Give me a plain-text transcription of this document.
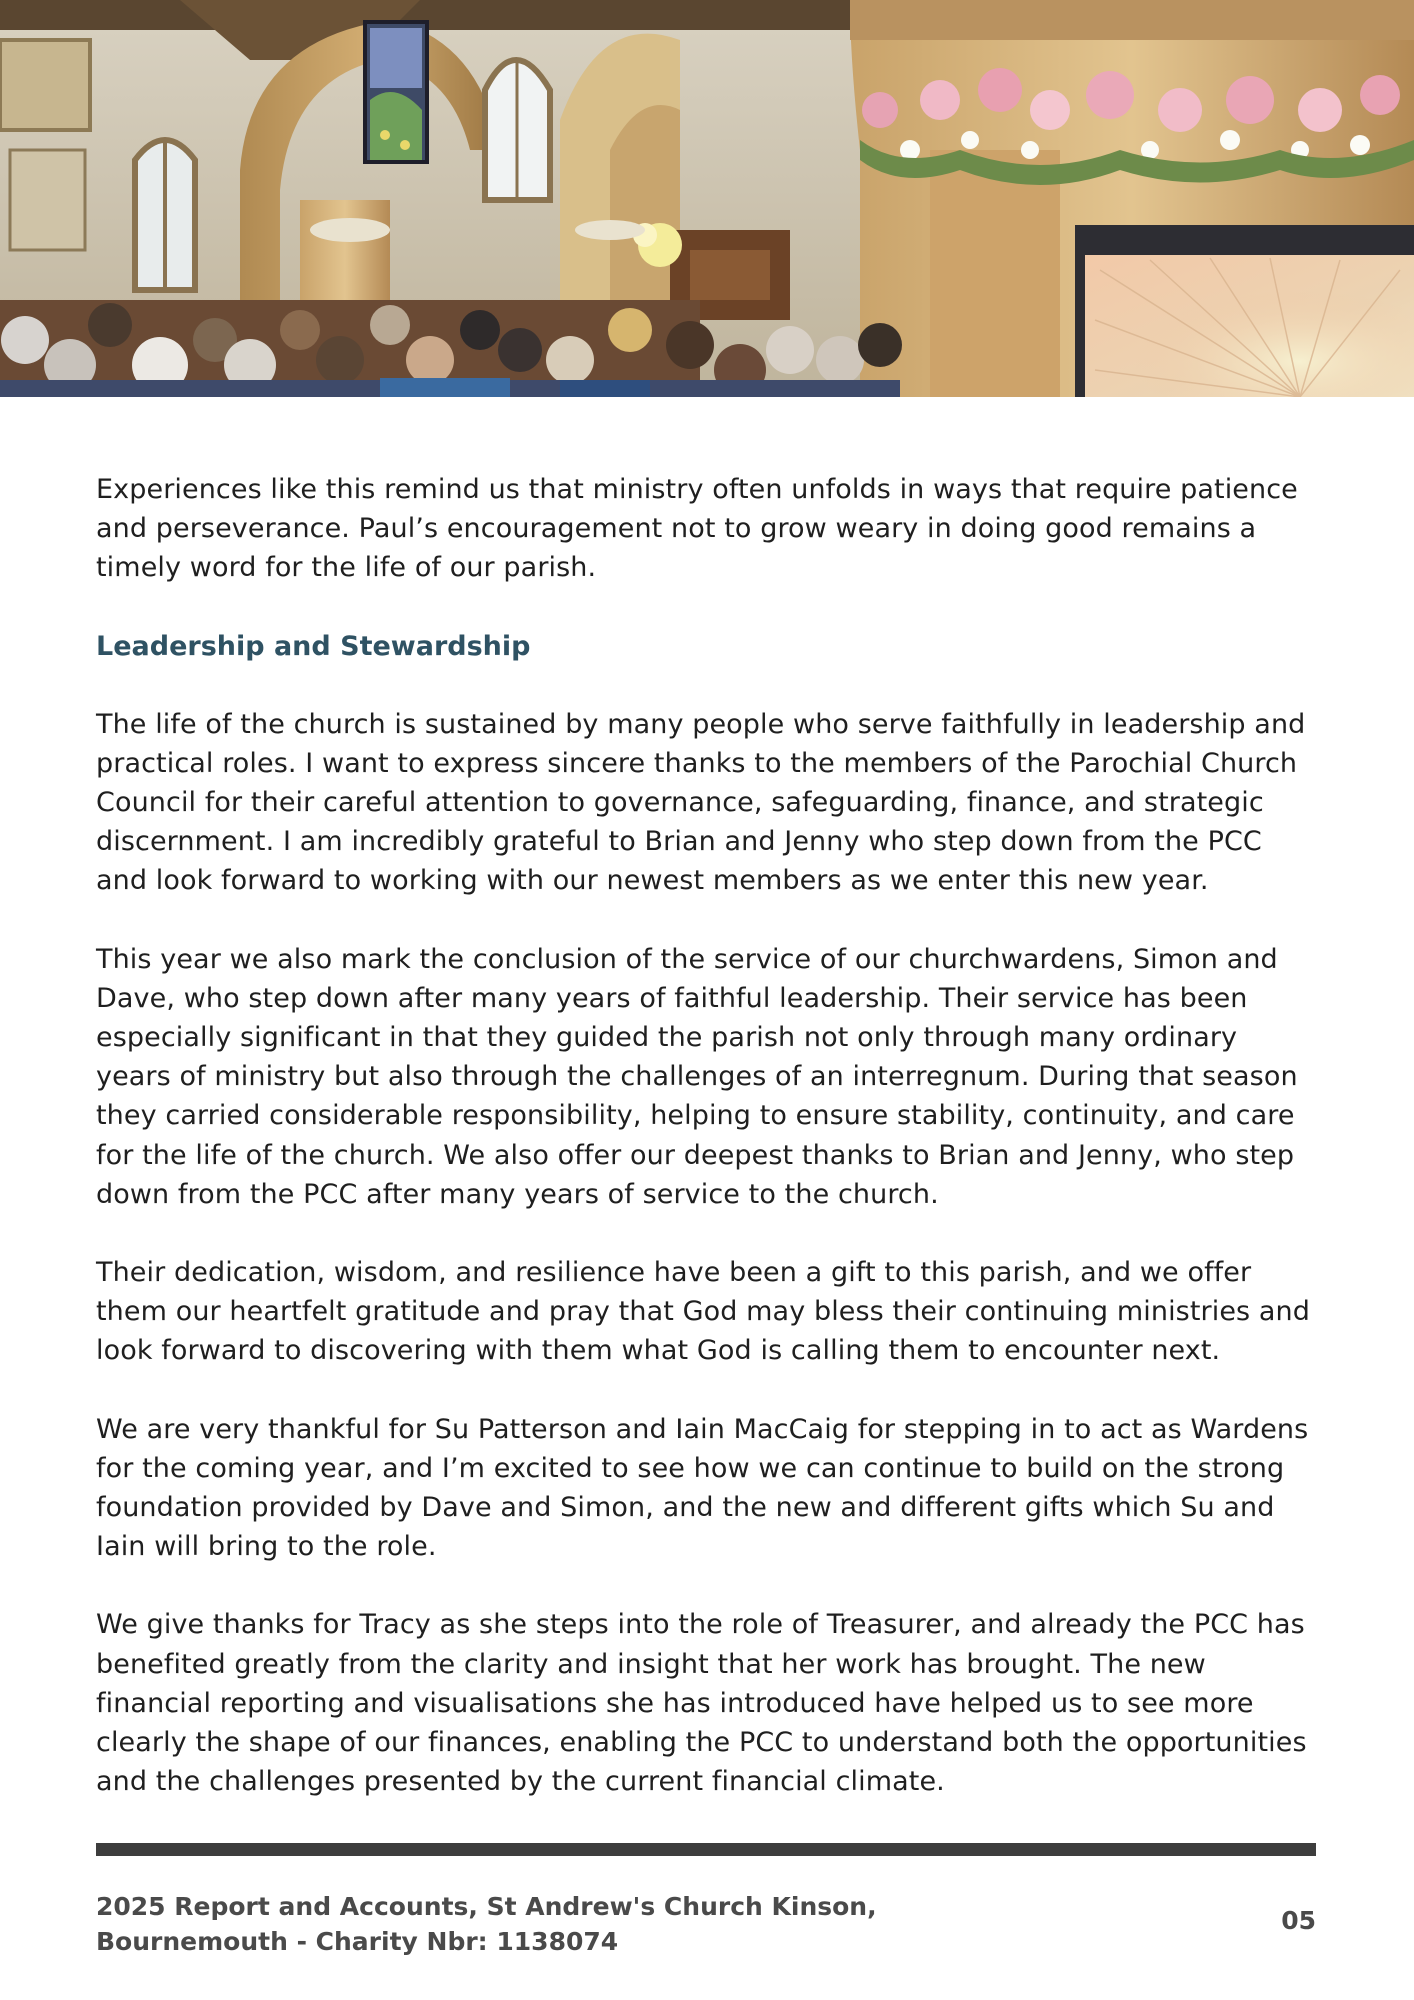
Experiences like this remind us that ministry often unfolds in ways that require patience and perseverance. Paul’s encouragement not to grow weary in doing good remains a timely word for the life of our parish.

Leadership and Stewardship

The life of the church is sustained by many people who serve faithfully in leadership and practical roles. I want to express sincere thanks to the members of the Parochial Church Council for their careful attention to governance, safeguarding, finance, and strategic discernment. I am incredibly grateful to Brian and Jenny who step down from the PCC and look forward to working with our newest members as we enter this new year.

This year we also mark the conclusion of the service of our churchwardens, Simon and Dave, who step down after many years of faithful leadership. Their service has been especially significant in that they guided the parish not only through many ordinary years of ministry but also through the challenges of an interregnum. During that season they carried considerable responsibility, helping to ensure stability, continuity, and care for the life of the church. We also offer our deepest thanks to Brian and Jenny, who step down from the PCC after many years of service to the church.

Their dedication, wisdom, and resilience have been a gift to this parish, and we offer them our heartfelt gratitude and pray that God may bless their continuing ministries and look forward to discovering with them what God is calling them to encounter next.

We are very thankful for Su Patterson and Iain MacCaig for stepping in to act as Wardens for the coming year, and I’m excited to see how we can continue to build on the strong foundation provided by Dave and Simon, and the new and different gifts which Su and Iain will bring to the role.

We give thanks for Tracy as she steps into the role of Treasurer, and already the PCC has benefited greatly from the clarity and insight that her work has brought. The new financial reporting and visualisations she has introduced have helped us to see more clearly the shape of our finances, enabling the PCC to understand both the opportunities and the challenges presented by the current financial climate.

2025 Report and Accounts, St Andrew's Church Kinson,
Bournemouth - Charity Nbr: 1138074
05
